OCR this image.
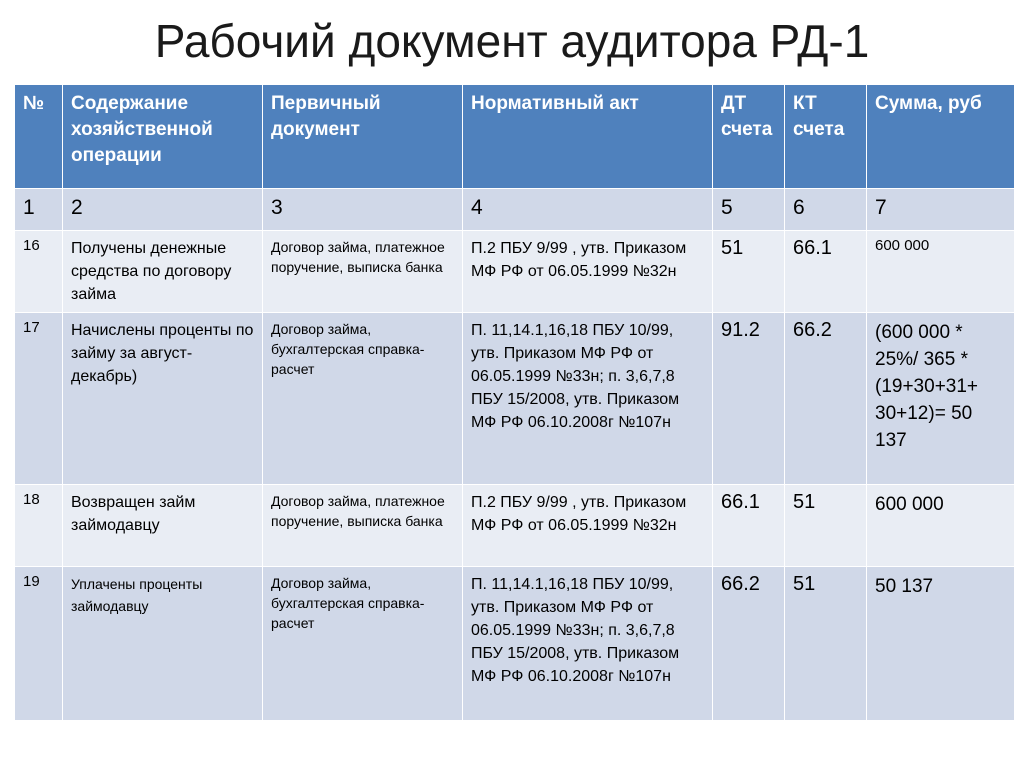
Рабочий документ аудитора РД-1
№	Содержание хозяйственной операции	Первичный документ	Нормативный акт	ДТ счета	КТ счета	Сумма, руб
1	2	3	4	5	6	7
16	Получены денежные средства по договору займа	Договор займа, платежное поручение, выписка банка	П.2 ПБУ 9/99 , утв. Приказом МФ РФ от 06.05.1999 №32н	51	66.1	600 000
17	Начислены проценты по займу за август-декабрь)	Договор займа, бухгалтерская справка-расчет	П. 11,14.1,16,18 ПБУ 10/99, утв. Приказом МФ РФ от 06.05.1999 №33н; п. 3,6,7,8 ПБУ 15/2008, утв. Приказом МФ РФ 06.10.2008г №107н	91.2	66.2	(600 000 * 25%/ 365 * (19+30+31+ 30+12)= 50 137
18	Возвращен займ займодавцу	Договор займа, платежное поручение, выписка банка	П.2 ПБУ 9/99 , утв. Приказом МФ РФ от 06.05.1999 №32н	66.1	51	600 000
19	Уплачены проценты займодавцу	Договор займа, бухгалтерская справка-расчет	П. 11,14.1,16,18 ПБУ 10/99, утв. Приказом МФ РФ от 06.05.1999 №33н; п. 3,6,7,8 ПБУ 15/2008, утв. Приказом МФ РФ 06.10.2008г №107н	66.2	51	50 137
